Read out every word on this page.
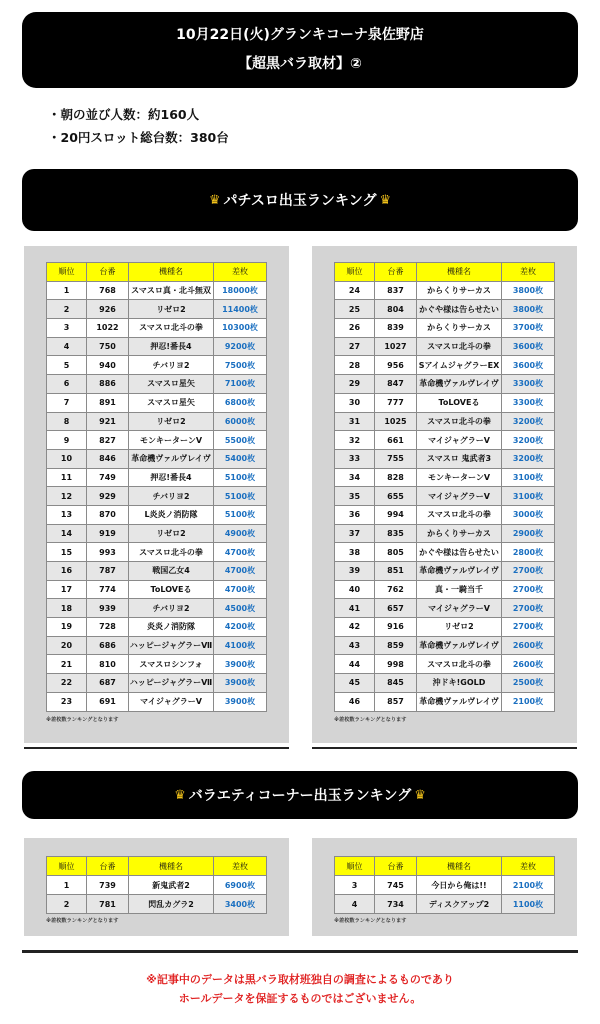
10月22日(火)グランキコーナ泉佐野店
【超黒バラ取材】②
・朝の並び人数：約160人
・20円スロット総台数：380台
♛ パチスロ出玉ランキング ♛
順位	台番	機種名	差枚
1	768	スマスロ真・北斗無双	18000枚
2	926	リゼロ2	11400枚
3	1022	スマスロ北斗の拳	10300枚
4	750	押忍!番長4	9200枚
5	940	チバリヨ2	7500枚
6	886	スマスロ星矢	7100枚
7	891	スマスロ星矢	6800枚
8	921	リゼロ2	6000枚
9	827	モンキーターンV	5500枚
10	846	革命機ヴァルヴレイヴ	5400枚
11	749	押忍!番長4	5100枚
12	929	チバリヨ2	5100枚
13	870	L炎炎ノ消防隊	5100枚
14	919	リゼロ2	4900枚
15	993	スマスロ北斗の拳	4700枚
16	787	戦国乙女4	4700枚
17	774	ToLOVEる	4700枚
18	939	チバリヨ2	4500枚
19	728	炎炎ノ消防隊	4200枚
20	686	ハッピージャグラーⅦ	4100枚
21	810	スマスロシンフォ	3900枚
22	687	ハッピージャグラーⅦ	3900枚
23	691	マイジャグラーV	3900枚
順位	台番	機種名	差枚
24	837	からくりサーカス	3800枚
25	804	かぐや様は告らせたい	3800枚
26	839	からくりサーカス	3700枚
27	1027	スマスロ北斗の拳	3600枚
28	956	SアイムジャグラーEX	3600枚
29	847	革命機ヴァルヴレイヴ	3300枚
30	777	ToLOVEる	3300枚
31	1025	スマスロ北斗の拳	3200枚
32	661	マイジャグラーV	3200枚
33	755	スマスロ 鬼武者3	3200枚
34	828	モンキーターンV	3100枚
35	655	マイジャグラーV	3100枚
36	994	スマスロ北斗の拳	3000枚
37	835	からくりサーカス	2900枚
38	805	かぐや様は告らせたい	2800枚
39	851	革命機ヴァルヴレイヴ	2700枚
40	762	真・一騎当千	2700枚
41	657	マイジャグラーV	2700枚
42	916	リゼロ2	2700枚
43	859	革命機ヴァルヴレイヴ	2600枚
44	998	スマスロ北斗の拳	2600枚
45	845	沖ドキ!GOLD	2500枚
46	857	革命機ヴァルヴレイヴ	2100枚
※差枚数ランキングとなります	※差枚数ランキングとなります
♛ バラエティコーナー出玉ランキング ♛
順位	台番	機種名	差枚
1	739	新鬼武者2	6900枚
2	781	閃乱カグラ2	3400枚
順位	台番	機種名	差枚
3	745	今日から俺は!!	2100枚
4	734	ディスクアップ2	1100枚
※差枚数ランキングとなります	※差枚数ランキングとなります
※記事中のデータは黒バラ取材班独自の調査によるものであり
ホールデータを保証するものではございません。
